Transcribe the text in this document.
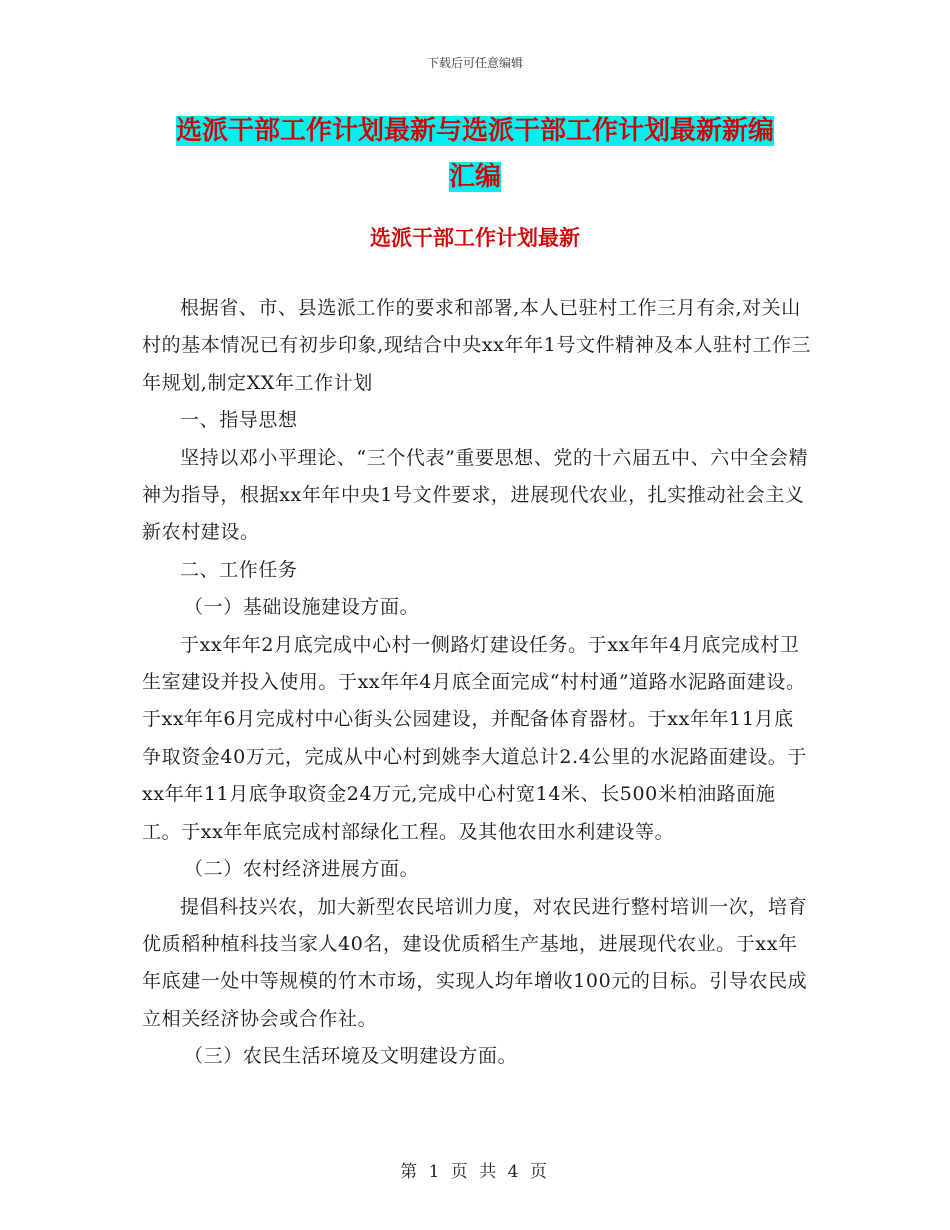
下载后可任意编辑
选派干部工作计划最新与选派干部工作计划最新新编
汇编
选派干部工作计划最新

根据省、市、县选派工作的要求和部署,本人已驻村工作三月有余,对关山村的基本情况已有初步印象,现结合中央xx年年1号文件精神及本人驻村工作三年规划,制定XX年工作计划

一、指导思想

坚持以邓小平理论、“三个代表”重要思想、党的十六届五中、六中全会精神为指导，根据xx年年中央1号文件要求，进展现代农业，扎实推动社会主义新农村建设。

二、工作任务

（一）基础设施建设方面。

于xx年年2月底完成中心村一侧路灯建设任务。于xx年年4月底完成村卫生室建设并投入使用。于xx年年4月底全面完成“村村通”道路水泥路面建设。于xx年年6月完成村中心街头公园建设，并配备体育器材。于xx年年11月底争取资金40万元，完成从中心村到姚李大道总计2.4公里的水泥路面建设。于xx年年11月底争取资金24万元,完成中心村宽14米、长500米柏油路面施工。于xx年年底完成村部绿化工程。及其他农田水利建设等。

（二）农村经济进展方面。

提倡科技兴农，加大新型农民培训力度，对农民进行整村培训一次，培育优质稻种植科技当家人40名，建设优质稻生产基地，进展现代农业。于xx年年底建一处中等规模的竹木市场，实现人均年增收100元的目标。引导农民成立相关经济协会或合作社。

（三）农民生活环境及文明建设方面。

第 1 页 共 4 页
